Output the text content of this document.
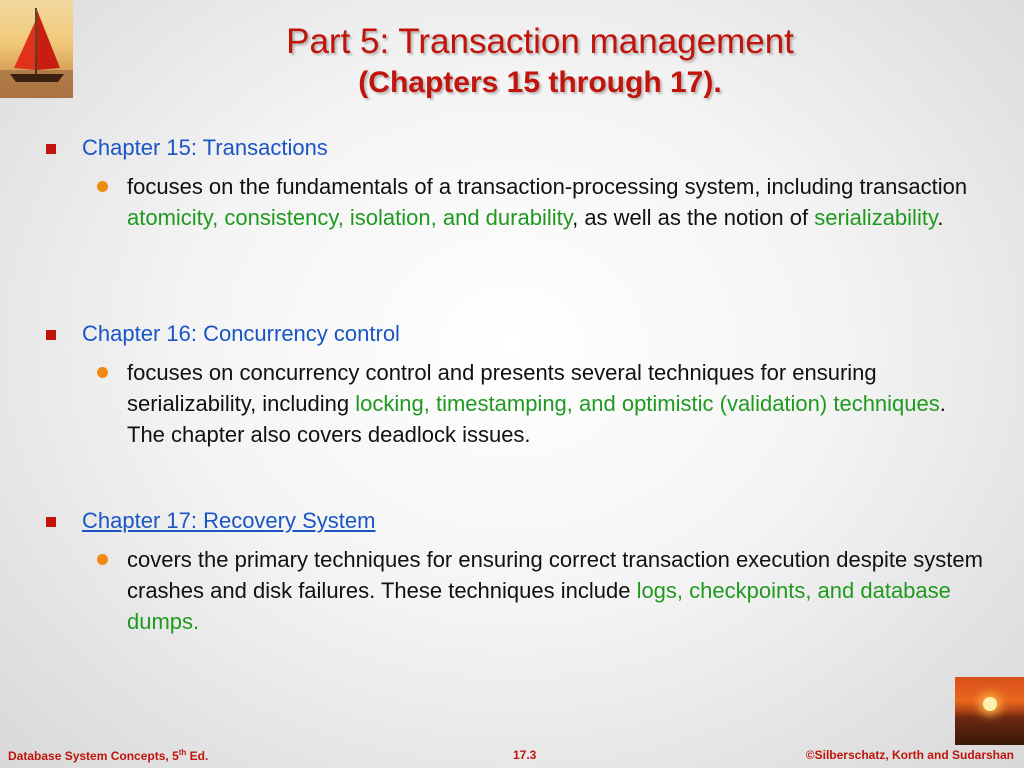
Part 5: Transaction management
(Chapters 15 through 17).
Chapter 15: Transactions
focuses on the fundamentals of a transaction-processing system, including transaction atomicity, consistency, isolation, and durability, as well as the notion of serializability.
Chapter 16: Concurrency control
focuses on concurrency control and presents several techniques for ensuring serializability, including locking, timestamping, and optimistic (validation) techniques. The chapter also covers deadlock issues.
Chapter 17: Recovery System
covers the primary techniques for ensuring correct transaction execution despite system crashes and disk failures. These techniques include logs, checkpoints, and database dumps.
Database System Concepts, 5th Ed.	17.3	©Silberschatz, Korth and Sudarshan
